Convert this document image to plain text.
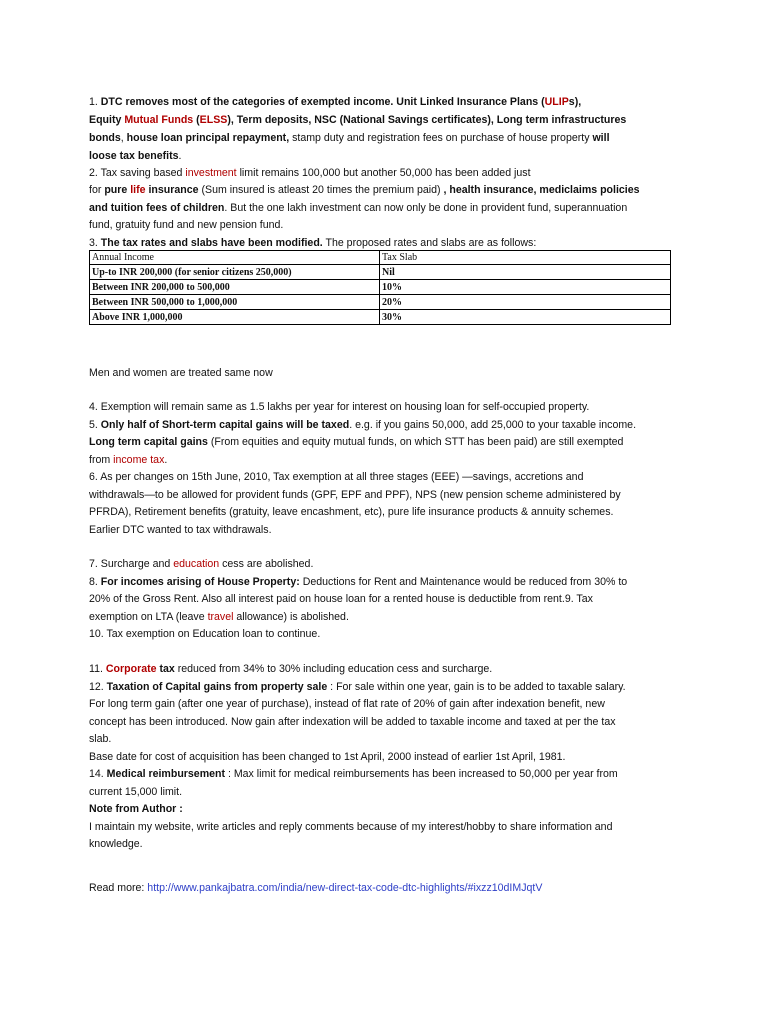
1. DTC removes most of the categories of exempted income. Unit Linked Insurance Plans (ULIPs),
Equity Mutual Funds (ELSS), Term deposits, NSC (National Savings certificates), Long term infrastructures
bonds, house loan principal repayment, stamp duty and registration fees on purchase of house property will
loose tax benefits.
2. Tax saving based investment limit remains 100,000 but another 50,000 has been added just
for pure life insurance (Sum insured is atleast 20 times the premium paid) , health insurance, mediclaims policies
and tuition fees of children. But the one lakh investment can now only be done in provident fund, superannuation
fund, gratuity fund and new pension fund.
3. The tax rates and slabs have been modified. The proposed rates and slabs are as follows:
Men and women are treated same now
4. Exemption will remain same as 1.5 lakhs per year for interest on housing loan for self-occupied property.
5. Only half of Short-term capital gains will be taxed. e.g. if you gains 50,000, add 25,000 to your taxable income.
Long term capital gains (From equities and equity mutual funds, on which STT has been paid) are still exempted
from income tax.
6. As per changes on 15th June, 2010, Tax exemption at all three stages (EEE) —savings, accretions and
withdrawals—to be allowed for provident funds (GPF, EPF and PPF), NPS (new pension scheme administered by
PFRDA), Retirement benefits (gratuity, leave encashment, etc), pure life insurance products & annuity schemes.
Earlier DTC wanted to tax withdrawals.
7. Surcharge and education cess are abolished.
8. For incomes arising of House Property: Deductions for Rent and Maintenance would be reduced from 30% to
20% of the Gross Rent. Also all interest paid on house loan for a rented house is deductible from rent.9. Tax
exemption on LTA (leave travel allowance) is abolished.
10. Tax exemption on Education loan to continue.
11. Corporate tax reduced from 34% to 30% including education cess and surcharge.
12. Taxation of Capital gains from property sale : For sale within one year, gain is to be added to taxable salary.
For long term gain (after one year of purchase), instead of flat rate of 20% of gain after indexation benefit, new
concept has been introduced. Now gain after indexation will be added to taxable income and taxed at per the tax
slab.
Base date for cost of acquisition has been changed to 1st April, 2000 instead of earlier 1st April, 1981.
14. Medical reimbursement : Max limit for medical reimbursements has been increased to 50,000 per year from
current 15,000 limit.
Note from Author :
I maintain my website, write articles and reply comments because of my interest/hobby to share information and
knowledge.
Read more: http://www.pankajbatra.com/india/new-direct-tax-code-dtc-highlights/#ixzz10dIMJqtV
Annual Income	Tax Slab
Up-to INR 200,000 (for senior citizens 250,000)	Nil
Between INR 200,000 to 500,000	10%
Between INR 500,000 to 1,000,000	20%
Above INR 1,000,000	30%
